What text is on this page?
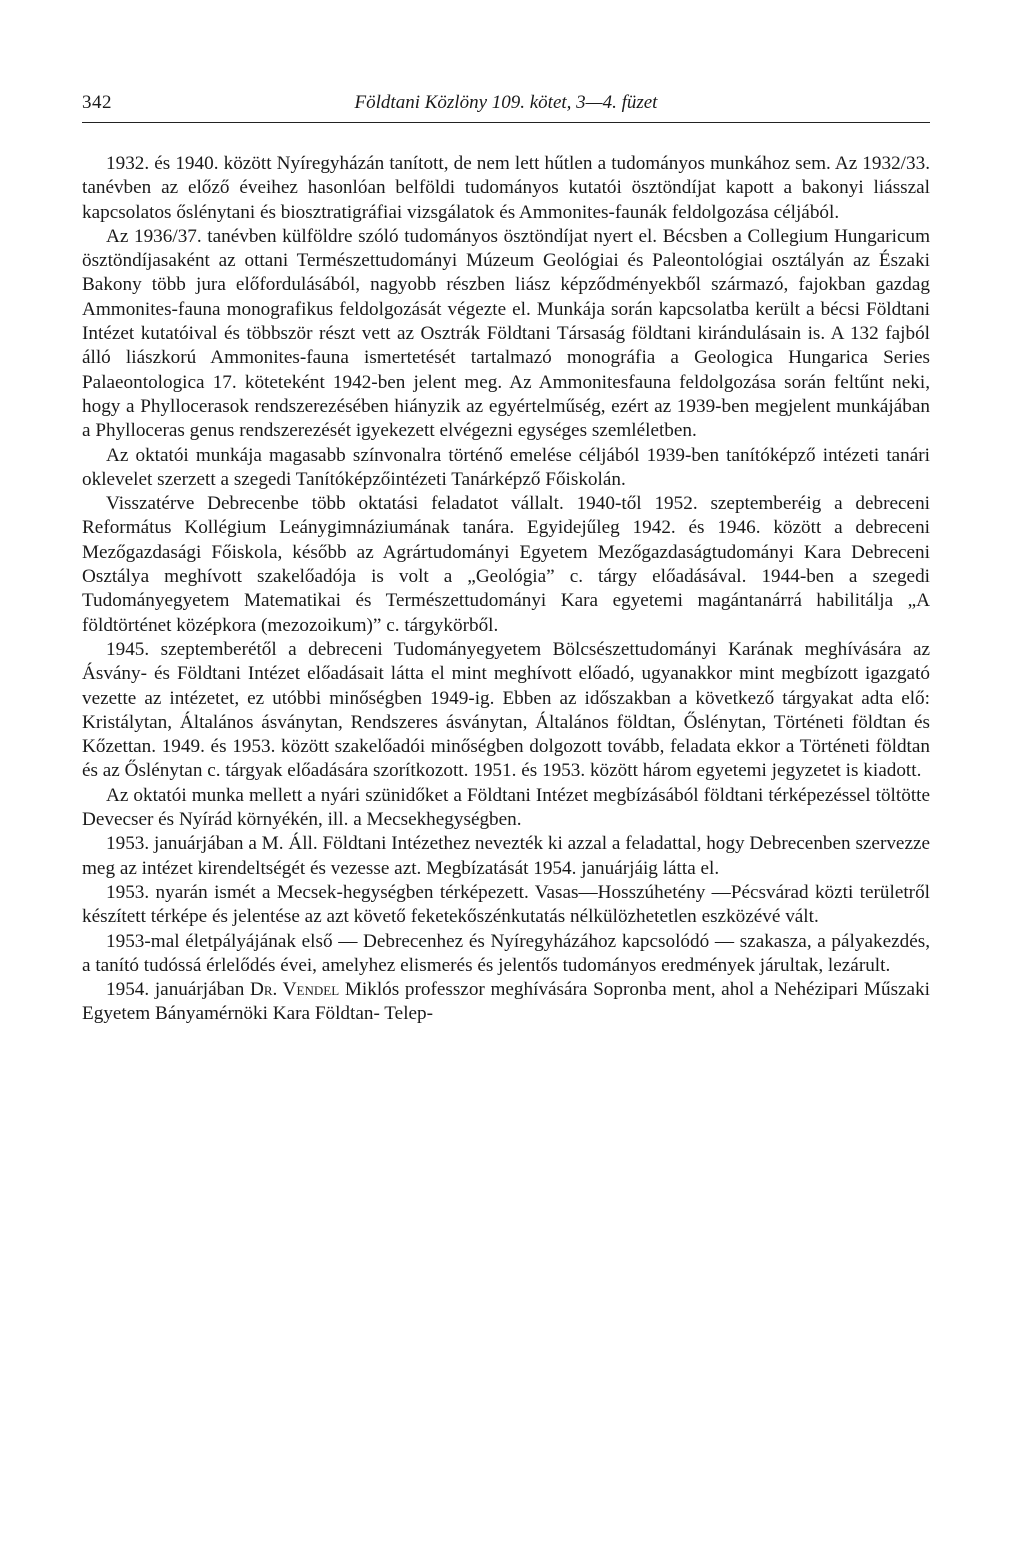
342	Földtani Közlöny 109. kötet, 3—4. füzet

1932. és 1940. között Nyíregyházán tanított, de nem lett hűtlen a tudományos munkához sem. Az 1932/33. tanévben az előző éveihez hasonlóan belföldi tudományos kutatói ösztöndíjat kapott a bakonyi liásszal kapcsolatos őslénytani és biosztratigráfiai vizsgálatok és Ammonites-faunák feldolgozása céljából.

Az 1936/37. tanévben külföldre szóló tudományos ösztöndíjat nyert el. Bécsben a Collegium Hungaricum ösztöndíjasaként az ottani Természettudományi Múzeum Geológiai és Paleontológiai osztályán az Északi Bakony több jura előfordulásából, nagyobb részben liász képződményekből származó, fajokban gazdag Ammonites-fauna monografikus feldolgozását végezte el. Munkája során kapcsolatba került a bécsi Földtani Intézet kutatóival és többször részt vett az Osztrák Földtani Társaság földtani kirándulásain is. A 132 fajból álló liászkorú Ammonites-fauna ismertetését tartalmazó monográfia a Geologica Hungarica Series Palaeontologica 17. köteteként 1942-ben jelent meg. Az Ammonitesfauna feldolgozása során feltűnt neki, hogy a Phyllocerasok rendszerezésében hiányzik az egyértelműség, ezért az 1939-ben megjelent munkájában a Phylloceras genus rendszerezését igyekezett elvégezni egységes szemléletben.

Az oktatói munkája magasabb színvonalra történő emelése céljából 1939-ben tanítóképző intézeti tanári oklevelet szerzett a szegedi Tanítóképzőintézeti Tanárképző Főiskolán.

Visszatérve Debrecenbe több oktatási feladatot vállalt. 1940-től 1952. szeptemberéig a debreceni Református Kollégium Leánygimnáziumának tanára. Egyidejűleg 1942. és 1946. között a debreceni Mezőgazdasági Főiskola, később az Agrártudományi Egyetem Mezőgazdaságtudományi Kara Debreceni Osztálya meghívott szakelőadója is volt a „Geológia” c. tárgy előadásával. 1944-ben a szegedi Tudományegyetem Matematikai és Természettudományi Kara egyetemi magántanárrá habilitálja „A földtörténet középkora (mezozoikum)” c. tárgykörből.

1945. szeptemberétől a debreceni Tudományegyetem Bölcsészettudományi Karának meghívására az Ásvány- és Földtani Intézet előadásait látta el mint meghívott előadó, ugyanakkor mint megbízott igazgató vezette az intézetet, ez utóbbi minőségben 1949-ig. Ebben az időszakban a következő tárgyakat adta elő: Kristálytan, Általános ásványtan, Rendszeres ásványtan, Általános földtan, Őslénytan, Történeti földtan és Kőzettan. 1949. és 1953. között szakelőadói minőségben dolgozott tovább, feladata ekkor a Történeti földtan és az Őslénytan c. tárgyak előadására szorítkozott. 1951. és 1953. között három egyetemi jegyzetet is kiadott.

Az oktatói munka mellett a nyári szünidőket a Földtani Intézet megbízásából földtani térképezéssel töltötte Devecser és Nyírád környékén, ill. a Mecsekhegységben.

1953. januárjában a M. Áll. Földtani Intézethez nevezték ki azzal a feladattal, hogy Debrecenben szervezze meg az intézet kirendeltségét és vezesse azt. Megbízatását 1954. januárjáig látta el.

1953. nyarán ismét a Mecsek-hegységben térképezett. Vasas—Hosszúhetény —Pécsvárad közti területről készített térképe és jelentése az azt követő feketekőszénkutatás nélkülözhetetlen eszközévé vált.

1953-mal életpályájának első — Debrecenhez és Nyíregyházához kapcsolódó — szakasza, a pályakezdés, a tanító tudóssá érlelődés évei, amelyhez elismerés és jelentős tudományos eredmények járultak, lezárult.

1954. januárjában Dr. Vendel Miklós professzor meghívására Sopronba ment, ahol a Nehézipari Műszaki Egyetem Bányamérnöki Kara Földtan- Telep-
